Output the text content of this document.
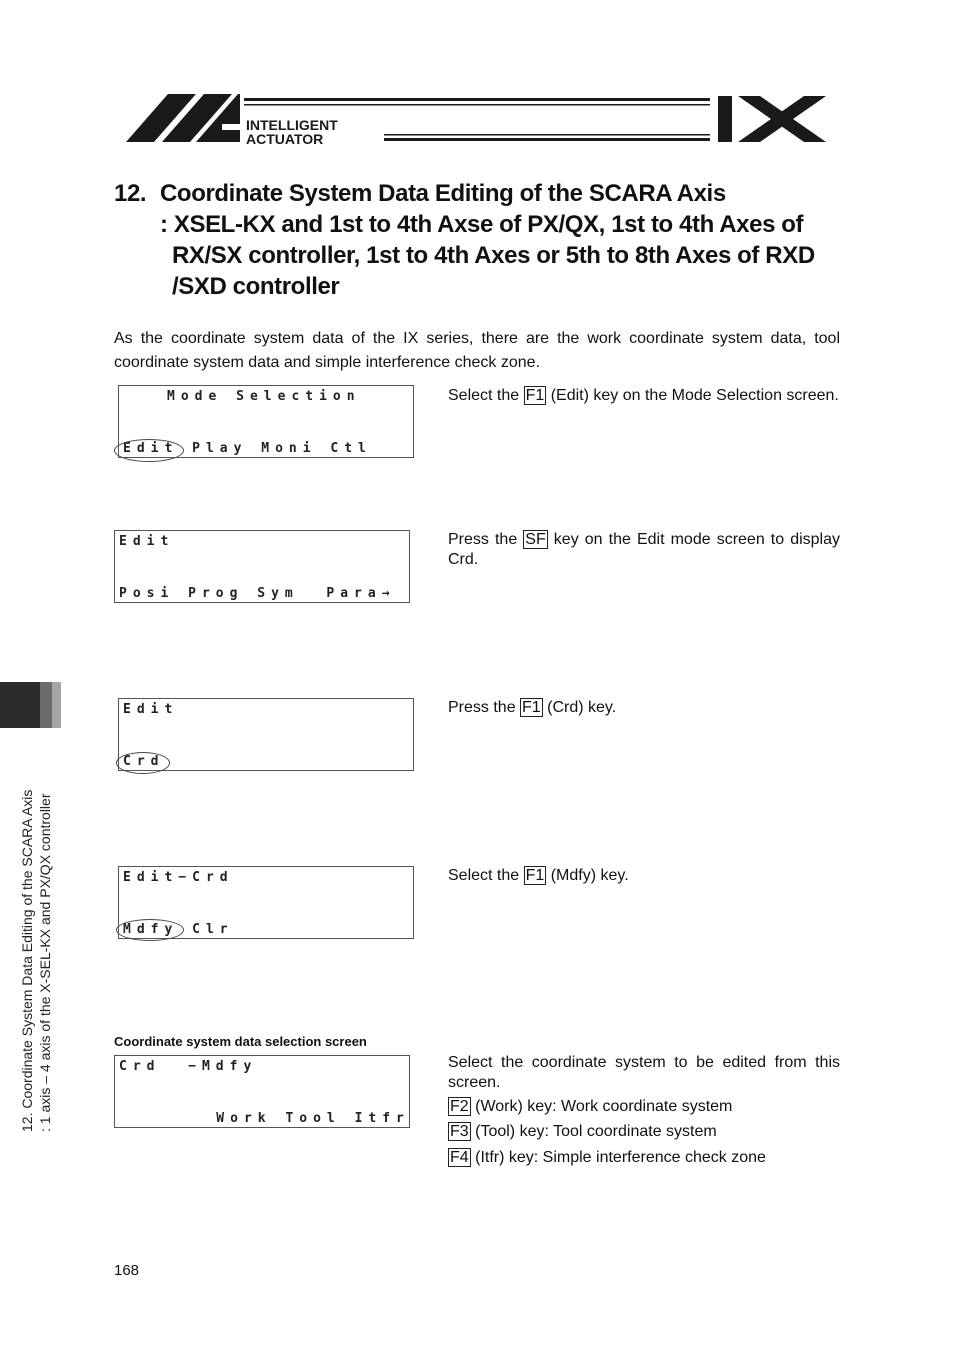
INTELLIGENT
ACTUATOR
IX
12. Coordinate System Data Editing of the SCARA Axis
: XSEL-KX and 1st to 4th Axse of PX/QX, 1st to 4th Axes of
RX/SX controller, 1st to 4th Axes or 5th to 8th Axes of RXD
/SXD controller

As the coordinate system data of the IX series, there are the work coordinate system data, tool coordinate system data and simple interference check zone.

Mode Selection
Edit Play Moni Ctl
Select the F1 (Edit) key on the Mode Selection screen.
Edit
Posi Prog Sym  Para→
Press the SF key on the Edit mode screen to display Crd.
Edit
Crd
Press the F1 (Crd) key.
Edit−Crd
Mdfy Clr
Select the F1 (Mdfy) key.
Coordinate system data selection screen
Crd  −Mdfy
Work Tool Itfr
Select the coordinate system to be edited from this screen.
F2 (Work) key: Work coordinate system
F3 (Tool) key: Tool coordinate system
F4 (Itfr) key: Simple interference check zone
168
12. Coordinate System Data Editing of the SCARA Axis : 1 axis – 4 axis of the X-SEL-KX and PX/QX controller
